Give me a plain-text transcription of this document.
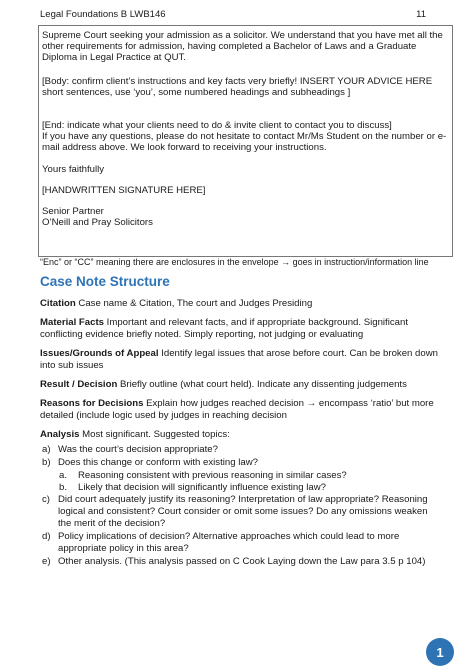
Legal Foundations B LWB146	11

Supreme Court seeking your admission as a solicitor. We understand that you have met all the other requirements for admission, having completed a Bachelor of Laws and a Graduate Diploma in Legal Practice at QUT.

[Body: confirm client’s instructions and key facts very briefly! INSERT YOUR ADVICE HERE short sentences, use ‘you’, some numbered headings and subheadings ]

[End: indicate what your clients need to do & invite client to contact you to discuss]

If you have any questions, please do not hesitate to contact Mr/Ms Student on the number or e-mail address above. We look forward to receiving your instructions.

Yours faithfully

[HANDWRITTEN SIGNATURE HERE]

Senior Partner

O’Neill and Pray Solicitors

“Enc” or “CC” meaning there are enclosures in the envelope → goes in instruction/information line
Case Note Structure

Citation Case name & Citation, The court and Judges Presiding

Material Facts Important and relevant facts, and if appropriate background. Significant conflicting evidence briefly noted. Simply reporting, not judging or evaluating

Issues/Grounds of Appeal Identify legal issues that arose before court. Can be broken down into sub issues

Result / Decision Briefly outline (what court held). Indicate any dissenting judgements

Reasons for Decisions Explain how judges reached decision → encompass ‘ratio’ but more detailed (include logic used by judges in reaching decision

Analysis Most significant. Suggested topics:

a) Was the court’s decision appropriate?
b) Does this change or conform with existing law?
a. Reasoning consistent with previous reasoning in similar cases?
b. Likely that decision will significantly influence existing law?
c) Did court adequately justify its reasoning? Interpretation of law appropriate? Reasoning logical and consistent? Court consider or omit some issues? Do any omissions weaken the merit of the decision?
d) Policy implications of decision? Alternative approaches which could lead to more appropriate policy in this area?
e) Other analysis. (This analysis passed on C Cook Laying down the Law para 3.5 p 104)
1
